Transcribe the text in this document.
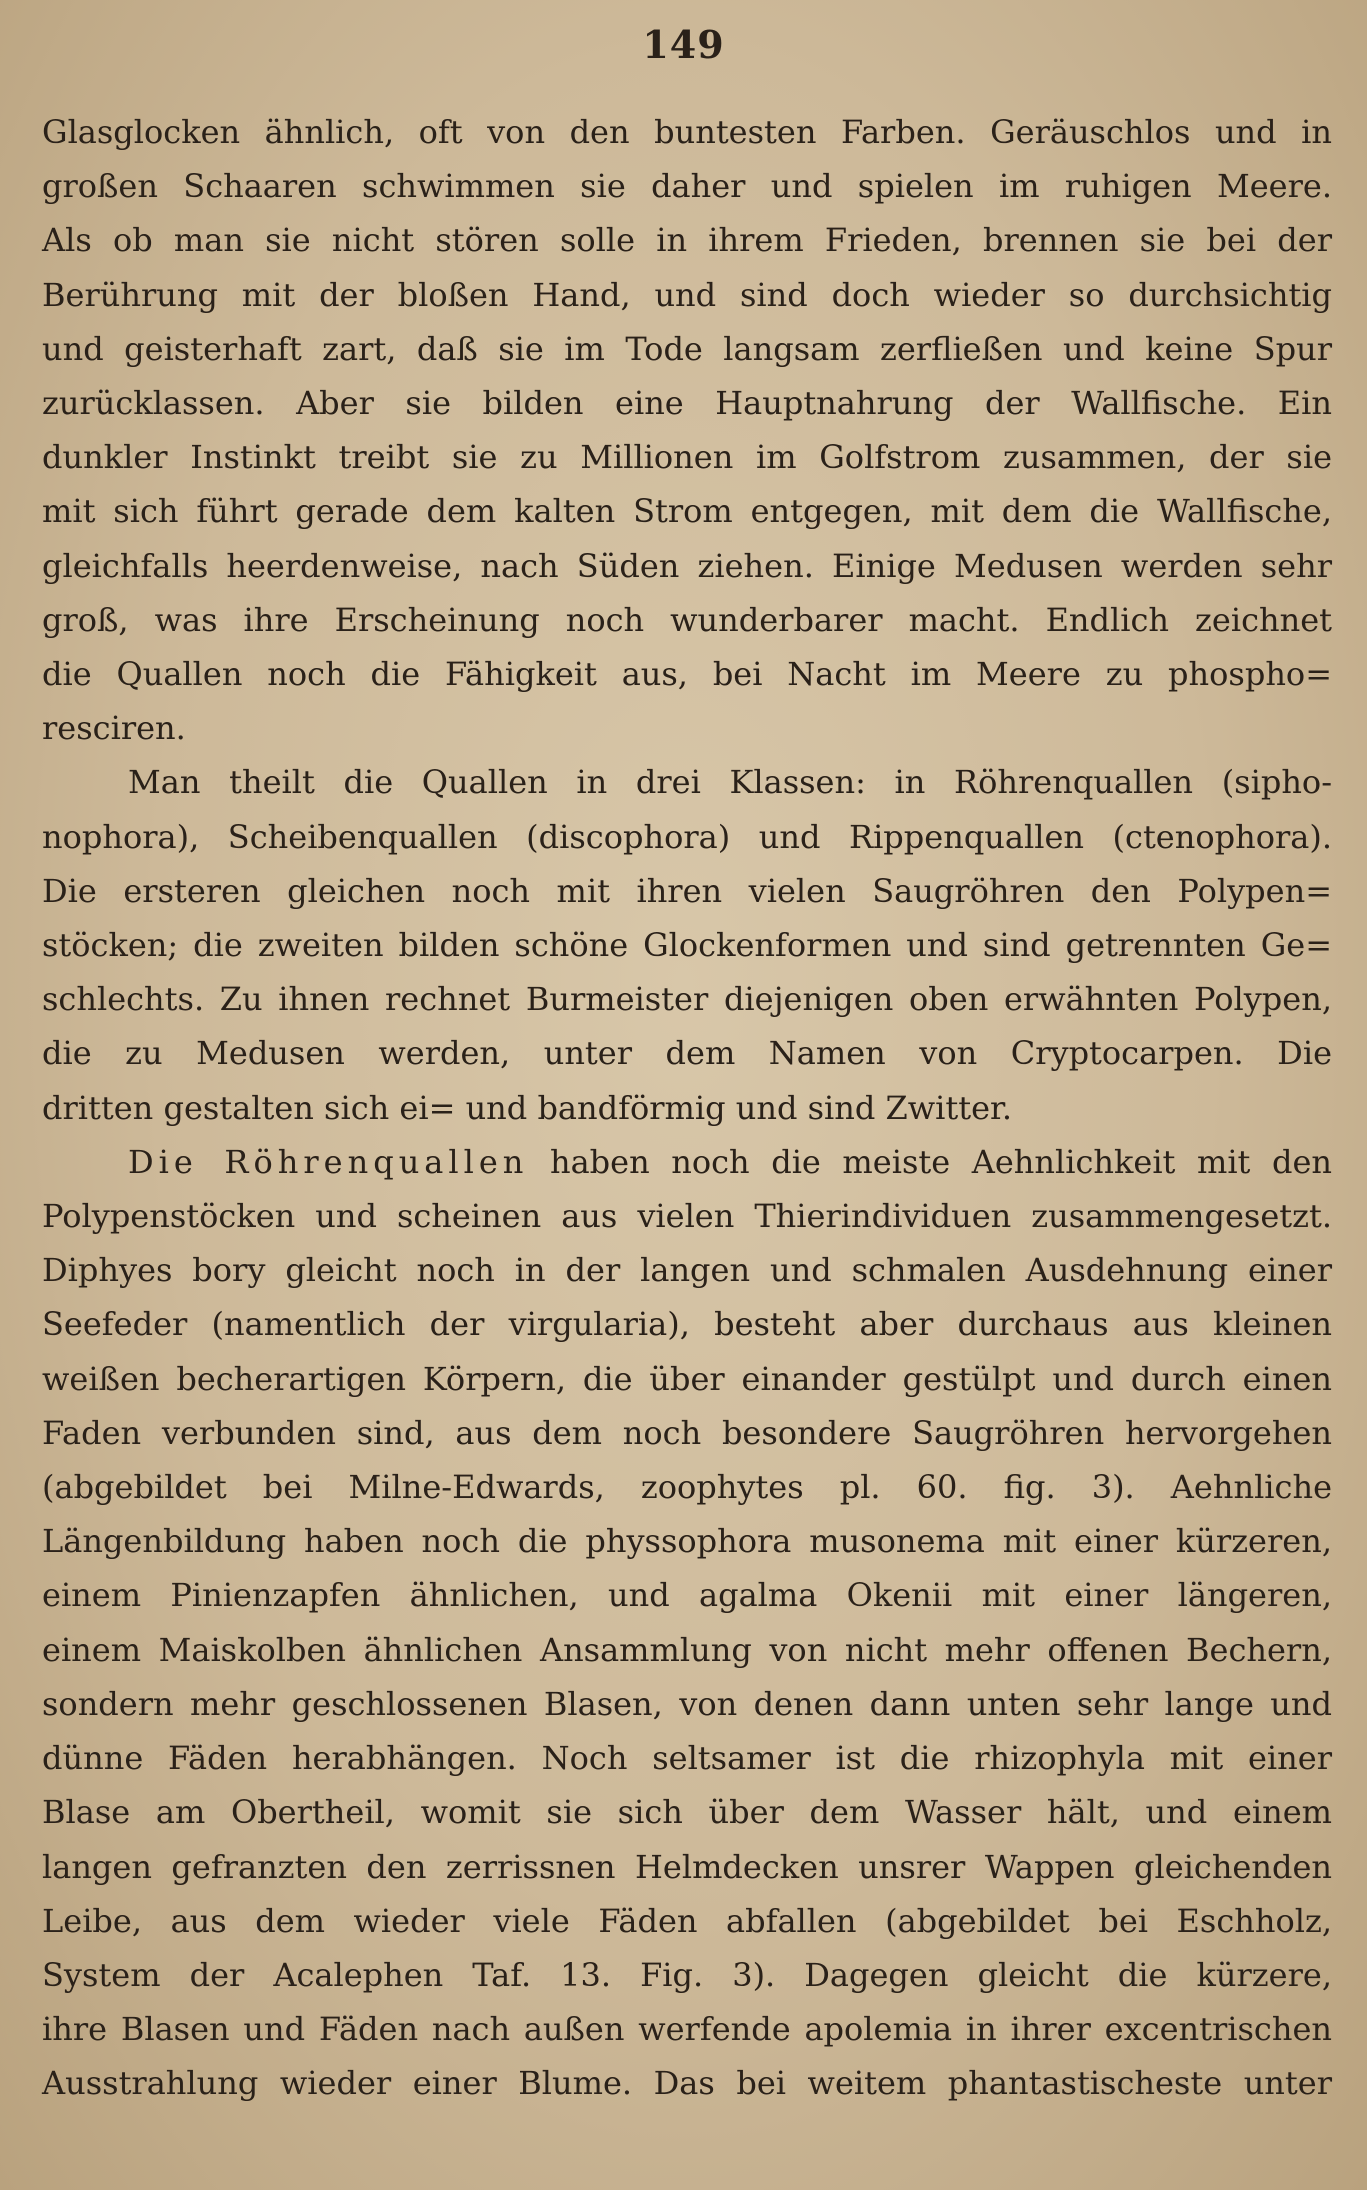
149

Glasglocken ähnlich, oft von den buntesten Farben. Geräuschlos und in
großen Schaaren schwimmen sie daher und spielen im ruhigen Meere.
Als ob man sie nicht stören solle in ihrem Frieden, brennen sie bei der
Berührung mit der bloßen Hand, und sind doch wieder so durchsichtig
und geisterhaft zart, daß sie im Tode langsam zerfließen und keine Spur
zurücklassen. Aber sie bilden eine Hauptnahrung der Wallfische. Ein
dunkler Instinkt treibt sie zu Millionen im Golfstrom zusammen, der sie
mit sich führt gerade dem kalten Strom entgegen, mit dem die Wallfische,
gleichfalls heerdenweise, nach Süden ziehen. Einige Medusen werden sehr
groß, was ihre Erscheinung noch wunderbarer macht. Endlich zeichnet
die Quallen noch die Fähigkeit aus, bei Nacht im Meere zu phospho=
resciren.

Man theilt die Quallen in drei Klassen: in Röhrenquallen (sipho-
nophora), Scheibenquallen (discophora) und Rippenquallen (ctenophora).
Die ersteren gleichen noch mit ihren vielen Saugröhren den Polypen=
stöcken; die zweiten bilden schöne Glockenformen und sind getrennten Ge=
schlechts. Zu ihnen rechnet Burmeister diejenigen oben erwähnten Polypen,
die zu Medusen werden, unter dem Namen von Cryptocarpen. Die
dritten gestalten sich ei= und bandförmig und sind Zwitter.

Die Röhrenquallen haben noch die meiste Aehnlichkeit mit den
Polypenstöcken und scheinen aus vielen Thierindividuen zusammengesetzt.
Diphyes bory gleicht noch in der langen und schmalen Ausdehnung einer
Seefeder (namentlich der virgularia), besteht aber durchaus aus kleinen
weißen becherartigen Körpern, die über einander gestülpt und durch einen
Faden verbunden sind, aus dem noch besondere Saugröhren hervorgehen
(abgebildet bei Milne-Edwards, zoophytes pl. 60. fig. 3). Aehnliche
Längenbildung haben noch die physsophora musonema mit einer kürzeren,
einem Pinienzapfen ähnlichen, und agalma Okenii mit einer längeren,
einem Maiskolben ähnlichen Ansammlung von nicht mehr offenen Bechern,
sondern mehr geschlossenen Blasen, von denen dann unten sehr lange und
dünne Fäden herabhängen. Noch seltsamer ist die rhizophyla mit einer
Blase am Obertheil, womit sie sich über dem Wasser hält, und einem
langen gefranzten den zerrissnen Helmdecken unsrer Wappen gleichenden
Leibe, aus dem wieder viele Fäden abfallen (abgebildet bei Eschholz,
System der Acalephen Taf. 13. Fig. 3). Dagegen gleicht die kürzere,
ihre Blasen und Fäden nach außen werfende apolemia in ihrer excentrischen
Ausstrahlung wieder einer Blume. Das bei weitem phantastischeste unter
